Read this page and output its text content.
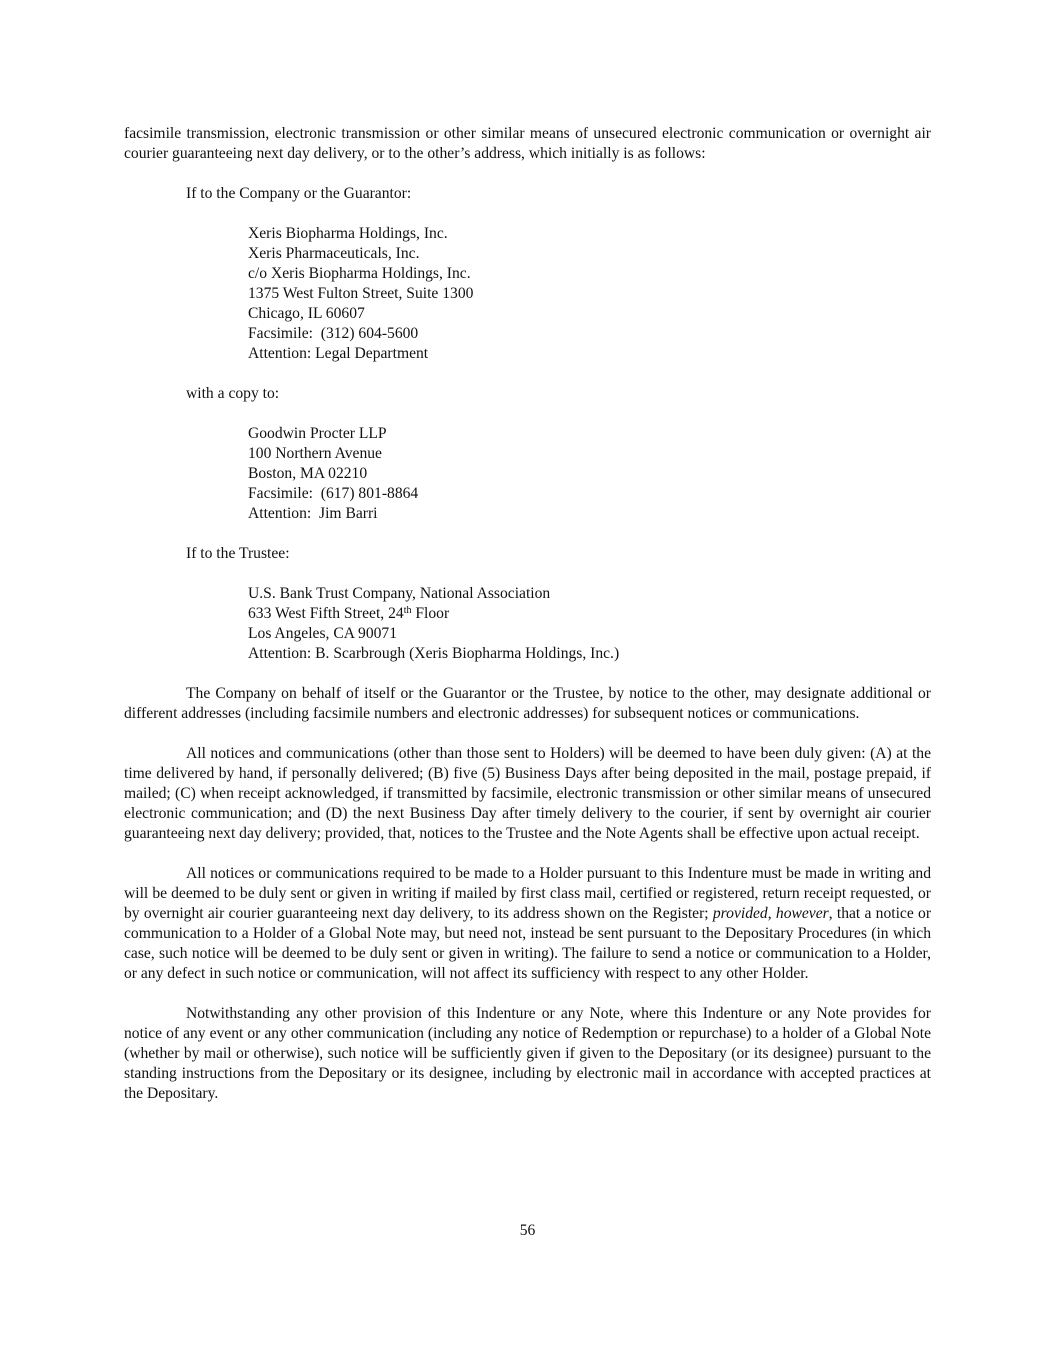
facsimile transmission, electronic transmission or other similar means of unsecured electronic communication or overnight air courier guaranteeing next day delivery, or to the other’s address, which initially is as follows:

If to the Company or the Guarantor:

Xeris Biopharma Holdings, Inc.
Xeris Pharmaceuticals, Inc.
c/o Xeris Biopharma Holdings, Inc.
1375 West Fulton Street, Suite 1300
Chicago, IL 60607
Facsimile:  (312) 604-5600
Attention: Legal Department

with a copy to:

Goodwin Procter LLP
100 Northern Avenue
Boston, MA 02210
Facsimile:  (617) 801-8864
Attention:  Jim Barri

If to the Trustee:

U.S. Bank Trust Company, National Association
633 West Fifth Street, 24th Floor
Los Angeles, CA 90071
Attention: B. Scarbrough (Xeris Biopharma Holdings, Inc.)

The Company on behalf of itself or the Guarantor or the Trustee, by notice to the other, may designate additional or different addresses (including facsimile numbers and electronic addresses) for subsequent notices or communications.

All notices and communications (other than those sent to Holders) will be deemed to have been duly given: (A) at the time delivered by hand, if personally delivered; (B) five (5) Business Days after being deposited in the mail, postage prepaid, if mailed; (C) when receipt acknowledged, if transmitted by facsimile, electronic transmission or other similar means of unsecured electronic communication; and (D) the next Business Day after timely delivery to the courier, if sent by overnight air courier guaranteeing next day delivery; provided, that, notices to the Trustee and the Note Agents shall be effective upon actual receipt.

All notices or communications required to be made to a Holder pursuant to this Indenture must be made in writing and will be deemed to be duly sent or given in writing if mailed by first class mail, certified or registered, return receipt requested, or by overnight air courier guaranteeing next day delivery, to its address shown on the Register; provided, however, that a notice or communication to a Holder of a Global Note may, but need not, instead be sent pursuant to the Depositary Procedures (in which case, such notice will be deemed to be duly sent or given in writing). The failure to send a notice or communication to a Holder, or any defect in such notice or communication, will not affect its sufficiency with respect to any other Holder.

Notwithstanding any other provision of this Indenture or any Note, where this Indenture or any Note provides for notice of any event or any other communication (including any notice of Redemption or repurchase) to a holder of a Global Note (whether by mail or otherwise), such notice will be sufficiently given if given to the Depositary (or its designee) pursuant to the standing instructions from the Depositary or its designee, including by electronic mail in accordance with accepted practices at the Depositary.

56
